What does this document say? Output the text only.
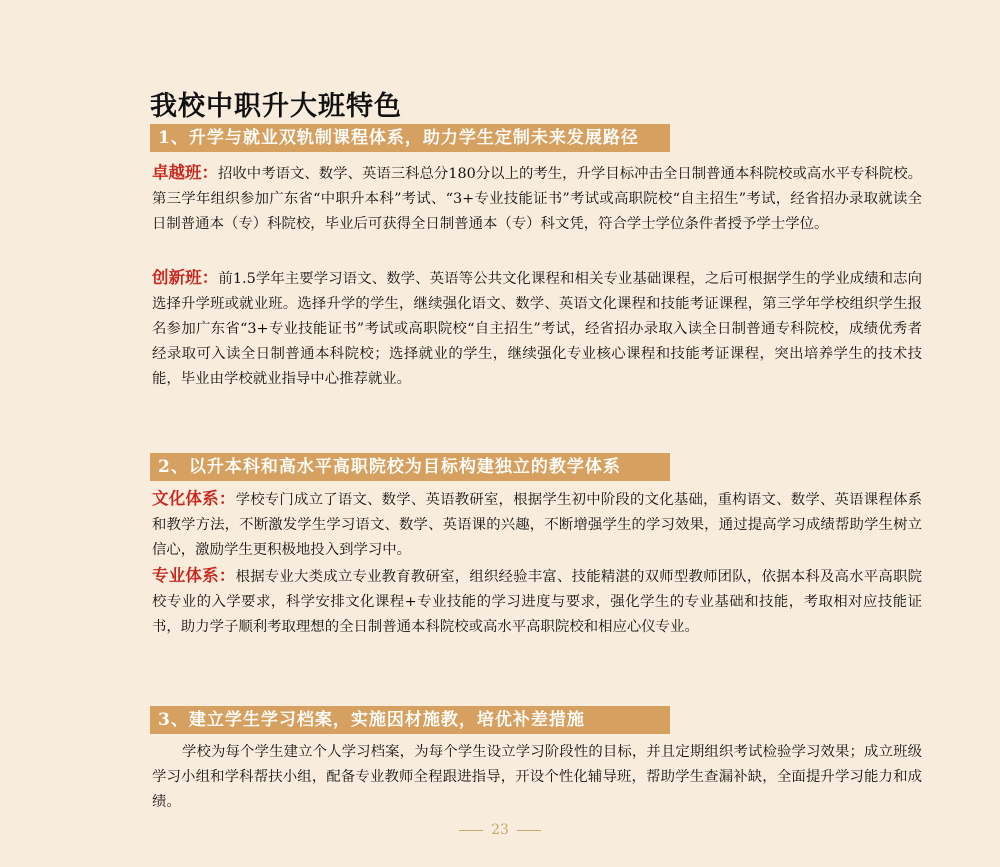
我校中职升大班特色
1、升学与就业双轨制课程体系，助力学生定制未来发展路径

卓越班：招收中考语文、数学、英语三科总分180分以上的考生，升学目标冲击全日制普通本科院校或高水平专科院校。第三学年组织参加广东省“中职升本科”考试、“3+专业技能证书”考试或高职院校“自主招生”考试，经省招办录取就读全日制普通本（专）科院校，毕业后可获得全日制普通本（专）科文凭，符合学士学位条件者授予学士学位。

创新班：前1.5学年主要学习语文、数学、英语等公共文化课程和相关专业基础课程，之后可根据学生的学业成绩和志向选择升学班或就业班。选择升学的学生，继续强化语文、数学、英语文化课程和技能考证课程，第三学年学校组织学生报名参加广东省“3+专业技能证书”考试或高职院校“自主招生”考试，经省招办录取入读全日制普通专科院校，成绩优秀者经录取可入读全日制普通本科院校；选择就业的学生，继续强化专业核心课程和技能考证课程，突出培养学生的技术技能，毕业由学校就业指导中心推荐就业。

2、以升本科和高水平高职院校为目标构建独立的教学体系

文化体系：学校专门成立了语文、数学、英语教研室，根据学生初中阶段的文化基础，重构语文、数学、英语课程体系和教学方法，不断激发学生学习语文、数学、英语课的兴趣，不断增强学生的学习效果，通过提高学习成绩帮助学生树立信心，激励学生更积极地投入到学习中。

专业体系：根据专业大类成立专业教育教研室，组织经验丰富、技能精湛的双师型教师团队，依据本科及高水平高职院校专业的入学要求，科学安排文化课程+专业技能的学习进度与要求，强化学生的专业基础和技能，考取相对应技能证书，助力学子顺利考取理想的全日制普通本科院校或高水平高职院校和相应心仪专业。

3、建立学生学习档案，实施因材施教，培优补差措施

学校为每个学生建立个人学习档案，为每个学生设立学习阶段性的目标，并且定期组织考试检验学习效果；成立班级学习小组和学科帮扶小组，配备专业教师全程跟进指导，开设个性化辅导班，帮助学生查漏补缺，全面提升学习能力和成绩。

23
